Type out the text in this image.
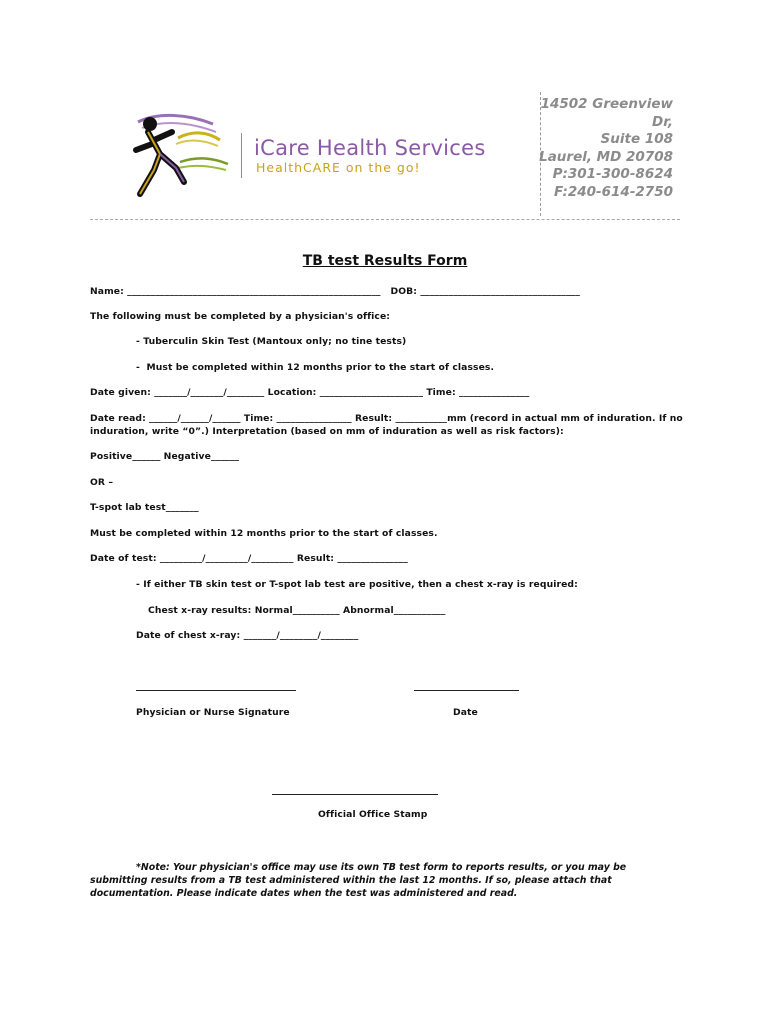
iCare Health Services
HealthCARE on the go!
14502 Greenview
Dr,
Suite 108
Laurel, MD 20708
P:301-300-8624
F:240-614-2750
TB test Results Form
Name: ______________________________________________________   DOB: __________________________________
The following must be completed by a physician's office:
- Tuberculin Skin Test (Mantoux only; no tine tests)
-  Must be completed within 12 months prior to the start of classes.
Date given: _______/_______/________ Location: ______________________ Time: _______________
Date read: ______/______/______ Time: ________________ Result: ___________mm (record in actual mm of induration. If no
induration, write “0”.) Interpretation (based on mm of induration as well as risk factors):
Positive______ Negative______
OR –
T-spot lab test_______
Must be completed within 12 months prior to the start of classes.
Date of test: _________/_________/_________ Result: _______________
- If either TB skin test or T-spot lab test are positive, then a chest x-ray is required:
Chest x-ray results: Normal__________ Abnormal___________
Date of chest x-ray: _______/________/________
Physician or Nurse Signature	Date
Official Office Stamp
*Note: Your physician's office may use its own TB test form to reports results, or you may be submitting results from a TB test administered within the last 12 months. If so, please attach that documentation. Please indicate dates when the test was administered and read.
